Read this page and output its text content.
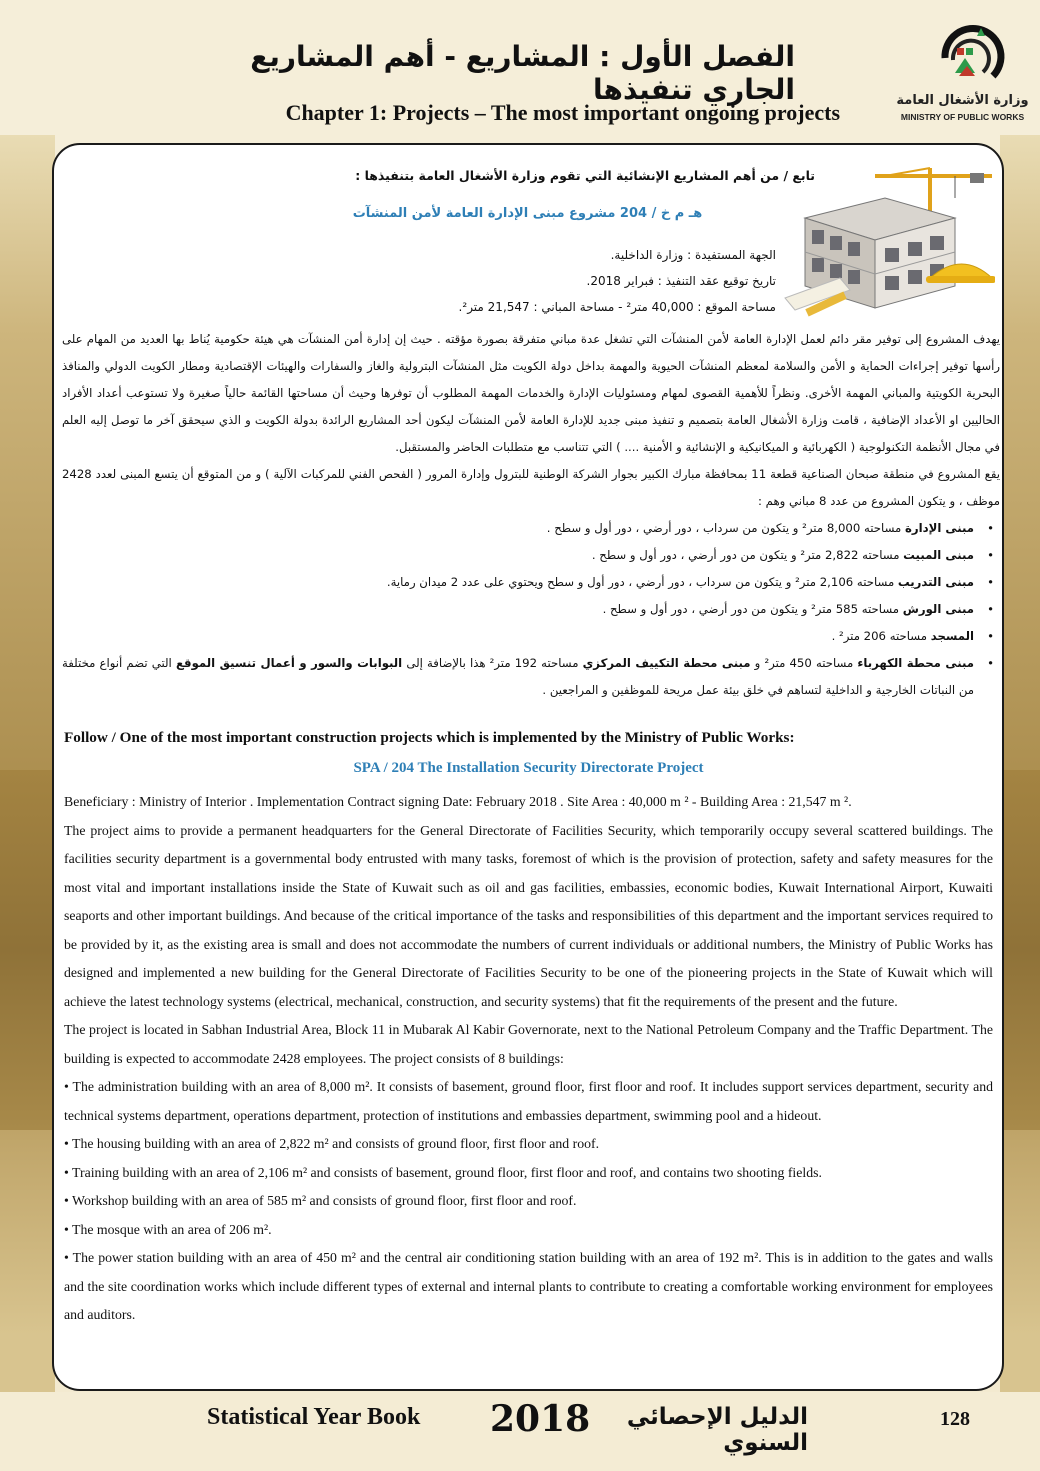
الفصل الأول : المشاريع - أهم المشاريع الجاري تنفيذها
Chapter 1: Projects – The most important ongoing projects	وزارة الأشغال العامة
MINISTRY OF PUBLIC WORKS
تابع / من أهم المشاريع الإنشائية التي تقوم وزارة الأشغال العامة بتنفيذها :
هـ م خ / 204 مشروع مبنى الإدارة العامة لأمن المنشآت
الجهة المستفيدة : وزارة الداخلية.
تاريخ توقيع عقد التنفيذ : فبراير 2018.
مساحة الموقع : 40,000 متر² - مساحة المباني : 21,547 متر².

يهدف المشروع إلى توفير مقر دائم لعمل الإدارة العامة لأمن المنشآت التي تشغل عدة مباني متفرقة بصورة مؤقته . حيث إن إدارة أمن المنشآت هي هيئة حكومية يُناط بها العديد من المهام على رأسها توفير إجراءات الحماية و الأمن والسلامة لمعظم المنشآت الحيوية والمهمة بداخل دولة الكويت مثل المنشآت البترولية والغاز والسفارات والهيئات الإقتصادية ومطار الكويت الدولي والمنافذ البحرية الكويتية والمباني المهمة الأخرى. ونظراً للأهمية القصوى لمهام ومسئوليات الإدارة والخدمات المهمة المطلوب أن توفرها وحيث أن مساحتها القائمة حالياً صغيرة ولا تستوعب أعداد الأفراد الحاليين او الأعداد الإضافية ، قامت وزارة الأشغال العامة بتصميم و تنفيذ مبنى جديد للإدارة العامة لأمن المنشآت ليكون أحد المشاريع الرائدة بدولة الكويت و الذي سيحقق آخر ما توصل إليه العلم في مجال الأنظمة التكنولوجية ( الكهربائية و الميكانيكية و الإنشائية و الأمنية .... ) التي تتناسب مع متطلبات الحاضر والمستقبل.

يقع المشروع في منطقة صبحان الصناعية قطعة 11 بمحافظة مبارك الكبير بجوار الشركة الوطنية للبترول وإدارة المرور ( الفحص الفني للمركبات الآلية ) و من المتوقع أن يتسع المبنى لعدد 2428 موظف ، و يتكون المشروع من عدد 8 مباني وهم :

• مبنى الإدارة مساحته 8,000 متر² و يتكون من سرداب ، دور أرضي ، دور أول و سطح .
• مبنى المبيت مساحته 2,822 متر² و يتكون من دور أرضي ، دور أول و سطح .
• مبنى التدريب مساحته 2,106 متر² و يتكون من سرداب ، دور أرضي ، دور أول و سطح ويحتوي على عدد 2 ميدان رماية.
• مبنى الورش مساحته 585 متر² و يتكون من دور أرضي ، دور أول و سطح .
• المسجد مساحته 206 متر² .
• مبنى محطة الكهرباء مساحته 450 متر² و مبنى محطة التكييف المركزي مساحته 192 متر² هذا بالإضافة إلى البوابات والسور و أعمال تنسيق الموقع التي تضم أنواع مختلفة من النباتات الخارجية و الداخلية لتساهم في خلق بيئة عمل مريحة للموظفين و المراجعين .
Follow / One of the most important construction projects which is implemented by the Ministry of Public Works:
SPA / 204 The Installation Security Directorate Project

Beneficiary : Ministry of Interior . Implementation Contract signing Date: February 2018 . Site Area : 40,000 m ² - Building Area : 21,547 m ².

The project aims to provide a permanent headquarters for the General Directorate of Facilities Security, which temporarily occupy several scattered buildings. The facilities security department is a governmental body entrusted with many tasks, foremost of which is the provision of protection, safety and safety measures for the most vital and important installations inside the State of Kuwait such as oil and gas facilities, embassies, economic bodies, Kuwait International Airport, Kuwaiti seaports and other important buildings. And because of the critical importance of the tasks and responsibilities of this department and the important services required to be provided by it, as the existing area is small and does not accommodate the numbers of current individuals or additional numbers, the Ministry of Public Works has designed and implemented a new building for the General Directorate of Facilities Security to be one of the pioneering projects in the State of Kuwait which will achieve the latest technology systems (electrical, mechanical, construction, and security systems) that fit the requirements of the present and the future.

The project is located in Sabhan Industrial Area, Block 11 in Mubarak Al Kabir Governorate, next to the National Petroleum Company and the Traffic Department. The building is expected to accommodate 2428 employees. The project consists of 8 buildings:

• The administration building with an area of 8,000 m². It consists of basement, ground floor, first floor and roof. It includes support services department, security and technical systems department, operations department, protection of institutions and embassies department, swimming pool and a hideout.

• The housing building with an area of 2,822 m² and consists of ground floor, first floor and roof.

• Training building with an area of 2,106 m² and consists of basement, ground floor, first floor and roof, and contains two shooting fields.

• Workshop building with an area of 585 m² and consists of ground floor, first floor and roof.

• The mosque with an area of 206 m².

• The power station building with an area of 450 m² and the central air conditioning station building with an area of 192 m². This is in addition to the gates and walls and the site coordination works which include different types of external and internal plants to contribute to creating a comfortable working environment for employees and auditors.

Statistical Year Book 2018	الدليل الإحصائي السنوي
128
